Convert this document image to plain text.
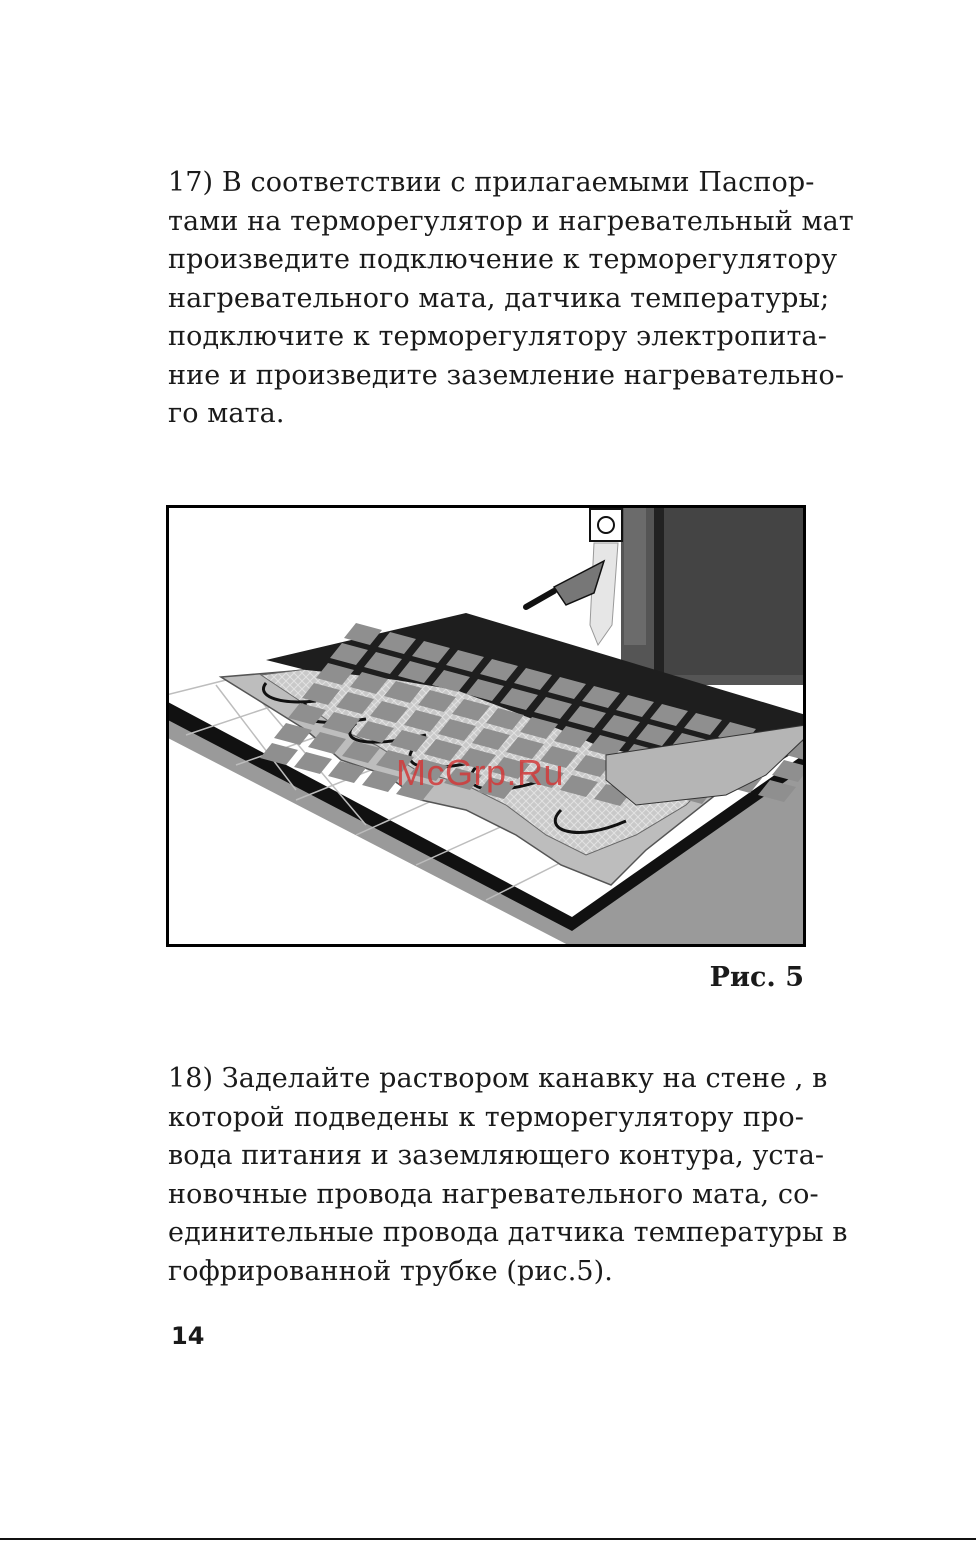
17) В соответствии с прилагаемыми Паспор-
тами на терморегулятор и нагревательный мат
произведите подключение к терморегулятору
нагревательного мата, датчика температуры;
подключите к терморегулятору электропита-
ние и произведите заземление нагревательно-
го мата.

McGrp.Ru
Рис. 5

18) Заделайте раствором канавку на стене , в
которой подведены к терморегулятору про-
вода питания и заземляющего контура, уста-
новочные провода нагревательного мата, со-
единительные провода датчика температуры в
гофрированной трубке (рис.5).

14
